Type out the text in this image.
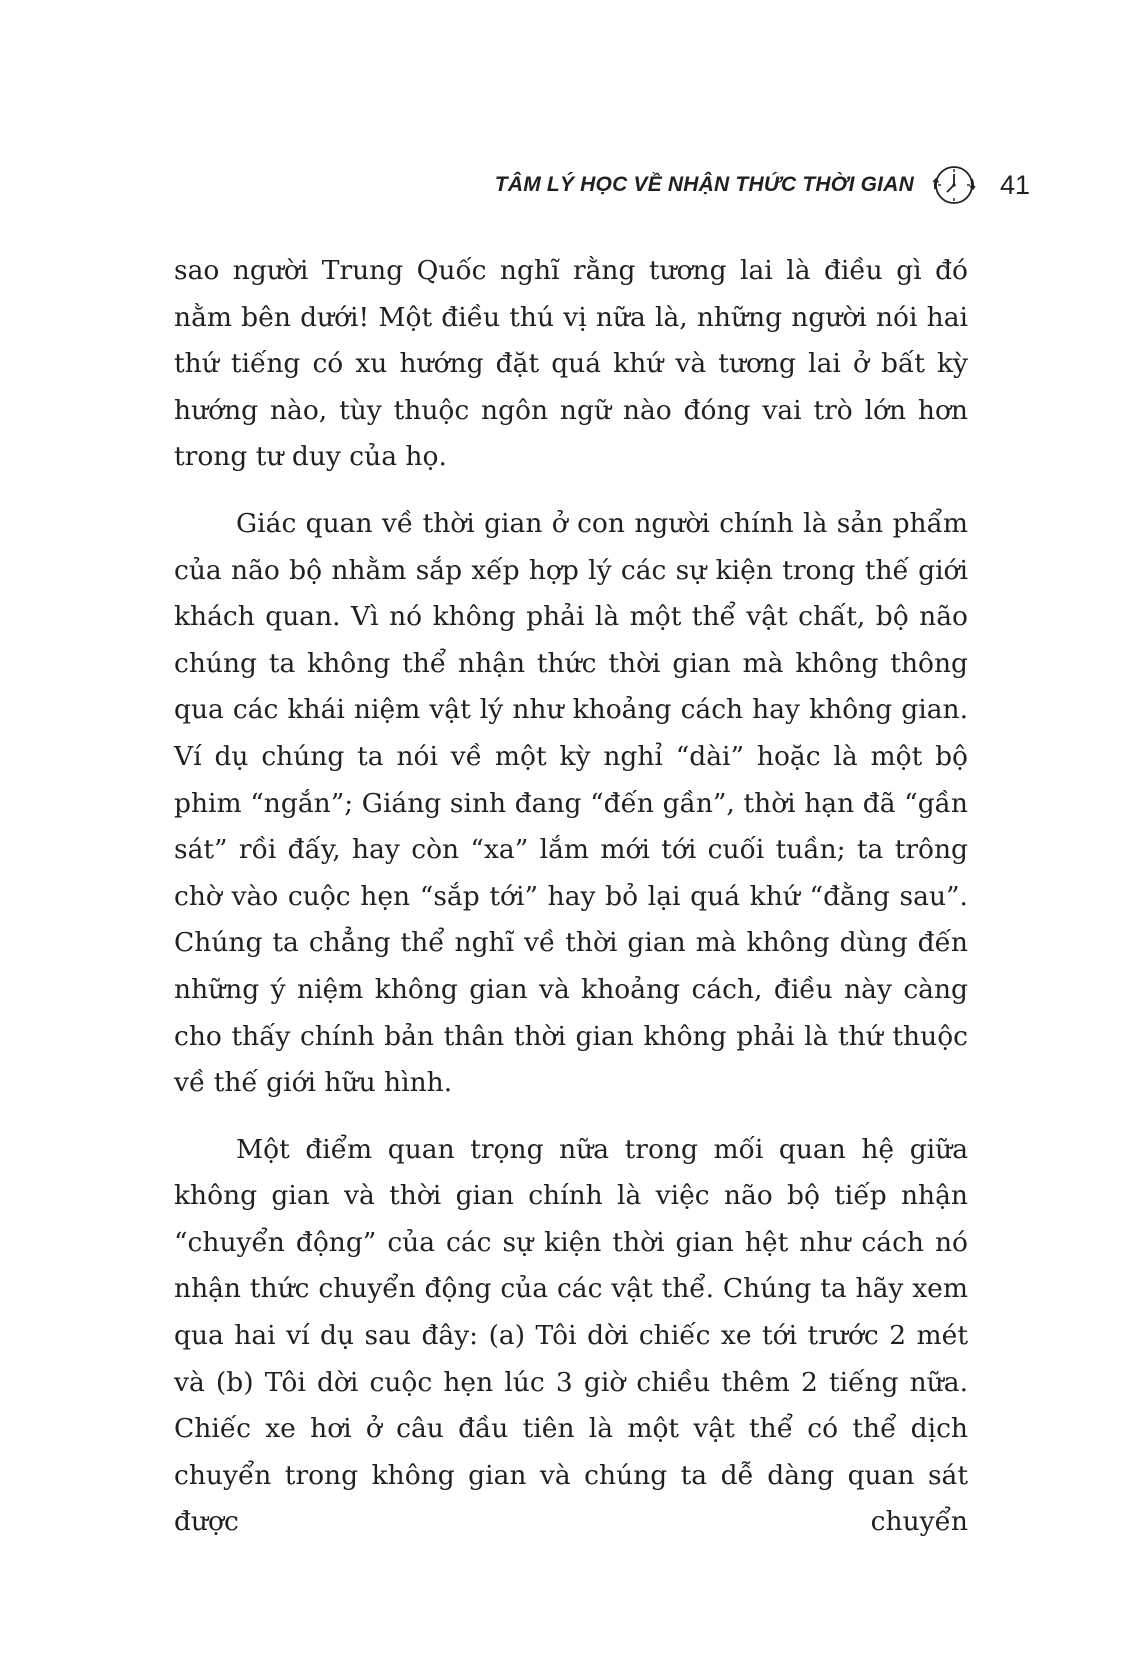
TÂM LÝ HỌC VỀ NHẬN THỨC THỜI GIAN	41

sao người Trung Quốc nghĩ rằng tương lai là điều gì đó nằm bên dưới! Một điều thú vị nữa là, những người nói hai thứ tiếng có xu hướng đặt quá khứ và tương lai ở bất kỳ hướng nào, tùy thuộc ngôn ngữ nào đóng vai trò lớn hơn trong tư duy của họ.

Giác quan về thời gian ở con người chính là sản phẩm của não bộ nhằm sắp xếp hợp lý các sự kiện trong thế giới khách quan. Vì nó không phải là một thể vật chất, bộ não chúng ta không thể nhận thức thời gian mà không thông qua các khái niệm vật lý như khoảng cách hay không gian. Ví dụ chúng ta nói về một kỳ nghỉ “dài” hoặc là một bộ phim “ngắn”; Giáng sinh đang “đến gần”, thời hạn đã “gần sát” rồi đấy, hay còn “xa” lắm mới tới cuối tuần; ta trông chờ vào cuộc hẹn “sắp tới” hay bỏ lại quá khứ “đằng sau”. Chúng ta chẳng thể nghĩ về thời gian mà không dùng đến những ý niệm không gian và khoảng cách, điều này càng cho thấy chính bản thân thời gian không phải là thứ thuộc về thế giới hữu hình.

Một điểm quan trọng nữa trong mối quan hệ giữa không gian và thời gian chính là việc não bộ tiếp nhận “chuyển động” của các sự kiện thời gian hệt như cách nó nhận thức chuyển động của các vật thể. Chúng ta hãy xem qua hai ví dụ sau đây: (a) Tôi dời chiếc xe tới trước 2 mét và (b) Tôi dời cuộc hẹn lúc 3 giờ chiều thêm 2 tiếng nữa. Chiếc xe hơi ở câu đầu tiên là một vật thể có thể dịch chuyển trong không gian và chúng ta dễ dàng quan sát được chuyển
